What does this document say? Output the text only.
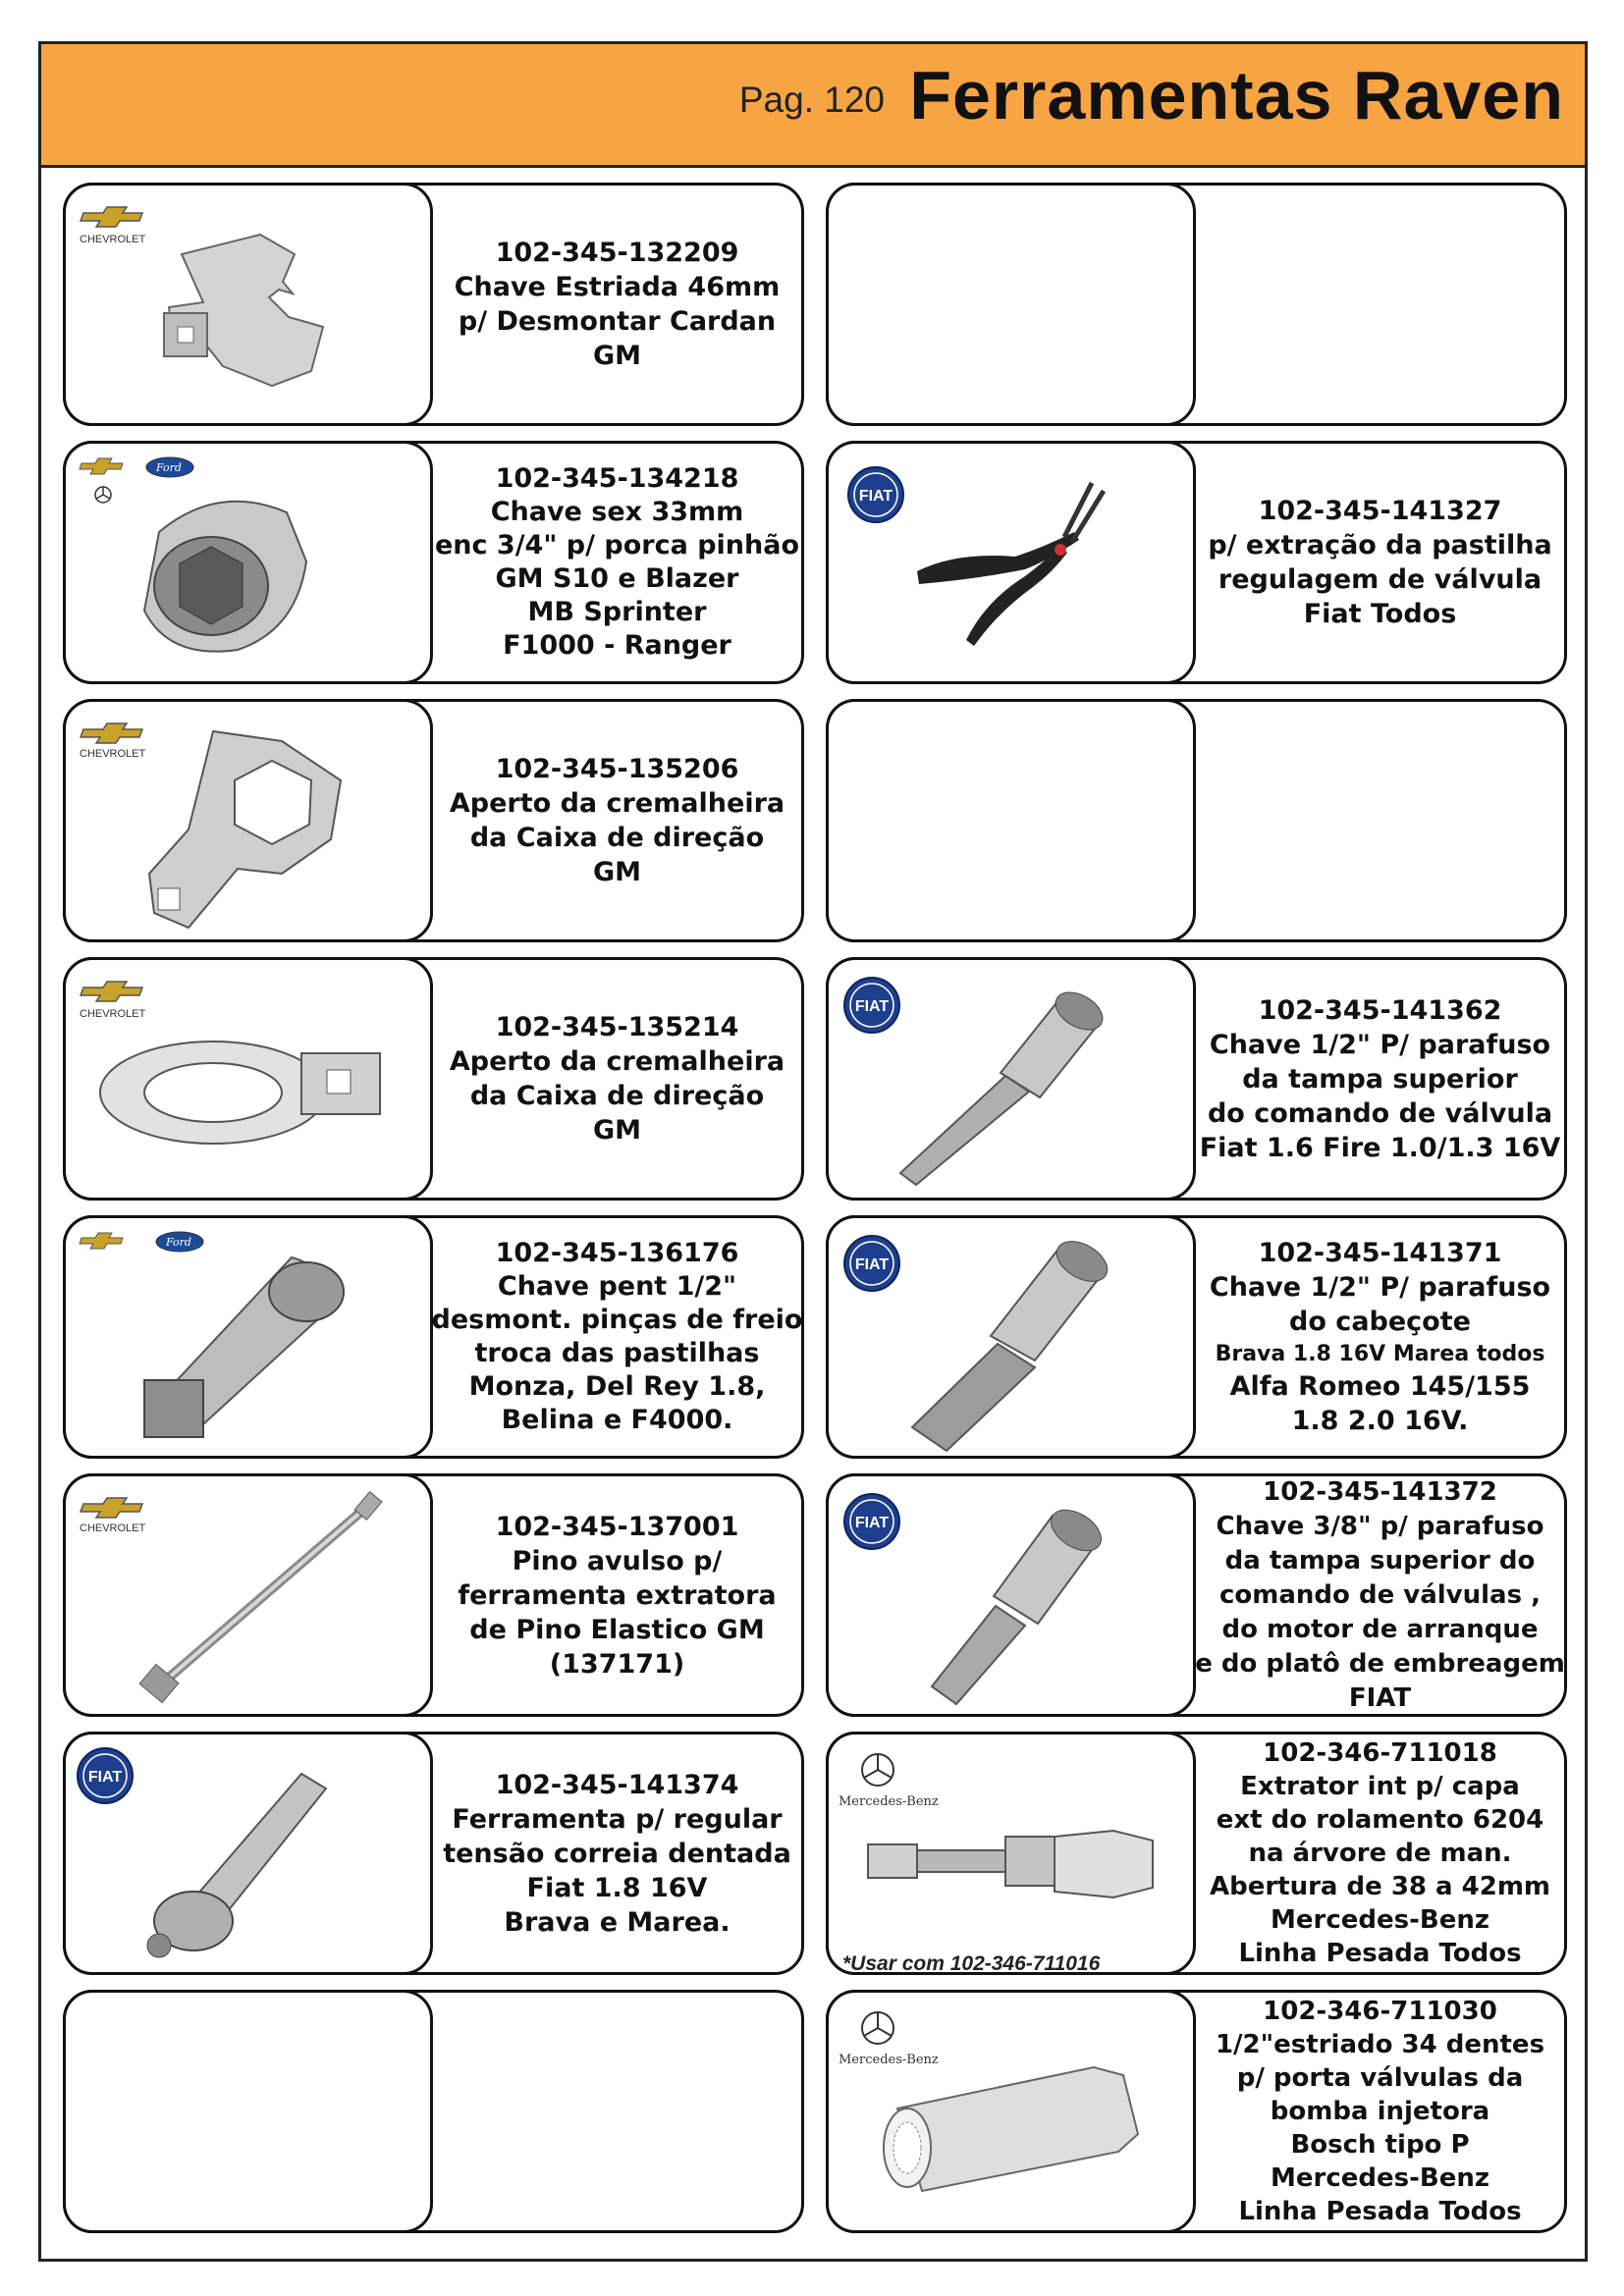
Pag. 120 Ferramentas Raven
CHEVROLET	102-345-132209
Chave Estriada 46mm
p/ Desmontar Cardan
GM
Ford	102-345-134218
Chave sex 33mm
enc 3/4" p/ porca pinhão
GM S10 e Blazer
MB Sprinter
F1000 - Ranger
CHEVROLET	102-345-135206
Aperto da cremalheira
da Caixa de direção
GM
CHEVROLET	102-345-135214
Aperto da cremalheira
da Caixa de direção
GM
Ford	102-345-136176
Chave pent 1/2"
desmont. pinças de freio
troca das pastilhas
Monza, Del Rey 1.8,
Belina e F4000.
CHEVROLET	102-345-137001
Pino avulso p/
ferramenta extratora
de Pino Elastico GM
(137171)
FIAT	102-345-141374
Ferramenta p/ regular
tensão correia dentada
Fiat 1.8 16V
Brava e Marea.
FIAT	102-345-141327
p/ extração da pastilha
regulagem de válvula
Fiat Todos
FIAT	102-345-141362
Chave 1/2" P/ parafuso
da tampa superior
do comando de válvula
Fiat 1.6 Fire 1.0/1.3 16V
FIAT	102-345-141371
Chave 1/2" P/ parafuso
do cabeçote
Brava 1.8 16V Marea todos
Alfa Romeo 145/155
1.8 2.0 16V.
FIAT
102-345-141372
Chave 3/8" p/ parafuso
da tampa superior do
comando de válvulas ,
do motor de arranque
e do platô de embreagem
FIAT
Mercedes-Benz
*Usar com 102-346-711016
102-346-711018
Extrator int p/ capa
ext do rolamento 6204
na árvore de man.
Abertura de 38 a 42mm
Mercedes-Benz
Linha Pesada Todos
Mercedes-Benz
102-346-711030
1/2"estriado 34 dentes
p/ porta válvulas da
bomba injetora
Bosch tipo P
Mercedes-Benz
Linha Pesada Todos
